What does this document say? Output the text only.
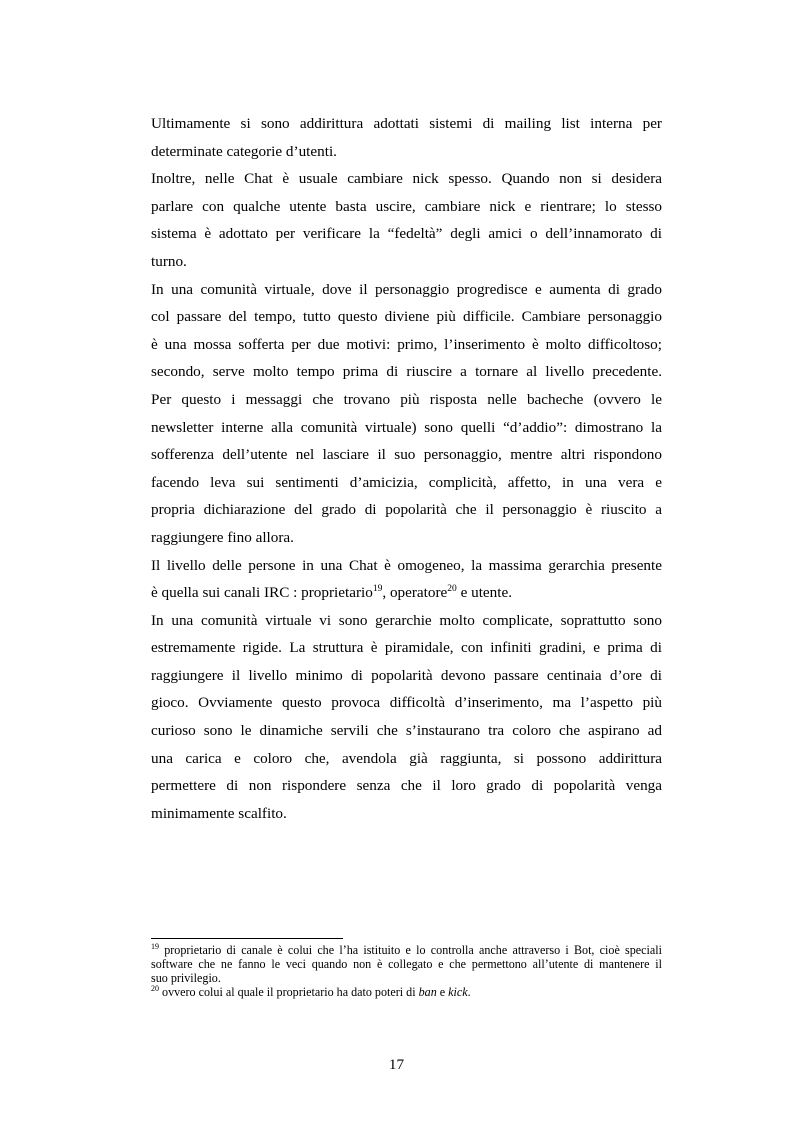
Ultimamente si sono addirittura adottati sistemi di mailing list interna per
determinate categorie d’utenti.
Inoltre, nelle Chat è usuale cambiare nick spesso. Quando non si desidera
parlare con qualche utente basta uscire, cambiare nick e rientrare; lo stesso
sistema è adottato per verificare la “fedeltà” degli amici o dell’innamorato di
turno.
In una comunità virtuale, dove il personaggio progredisce e aumenta di grado
col passare del tempo, tutto questo diviene più difficile. Cambiare personaggio
è una mossa sofferta per due motivi: primo, l’inserimento è molto difficoltoso;
secondo, serve molto tempo prima di riuscire a tornare al livello precedente.
Per questo i messaggi che trovano più risposta nelle bacheche (ovvero le
newsletter interne alla comunità virtuale) sono quelli “d’addio”: dimostrano la
sofferenza dell’utente nel lasciare il suo personaggio, mentre altri rispondono
facendo leva sui sentimenti d’amicizia, complicità, affetto, in una vera e
propria dichiarazione del grado di popolarità che il personaggio è riuscito a
raggiungere fino allora.
Il livello delle persone in una Chat è omogeneo, la massima gerarchia presente
è quella sui canali IRC : proprietario$^{19}$, operatore$^{20}$ e utente.
In una comunità virtuale vi sono gerarchie molto complicate, soprattutto sono
estremamente rigide. La struttura è piramidale, con infiniti gradini, e prima di
raggiungere il livello minimo di popolarità devono passare centinaia d’ore di
gioco. Ovviamente questo provoca difficoltà d’inserimento, ma l’aspetto più
curioso sono le dinamiche servili che s’instaurano tra coloro che aspirano ad
una carica e coloro che, avendola già raggiunta, si possono addirittura
permettere di non rispondere senza che il loro grado di popolarità venga
minimamente scalfito.
$^{19}$ proprietario di canale è colui che l’ha istituito e lo controlla anche attraverso i Bot, cioè speciali
software che ne fanno le veci quando non è collegato e che permettono all’utente di mantenere il
suo privilegio.
$^{20}$ ovvero colui al quale il proprietario ha dato poteri di ban e kick.
17
